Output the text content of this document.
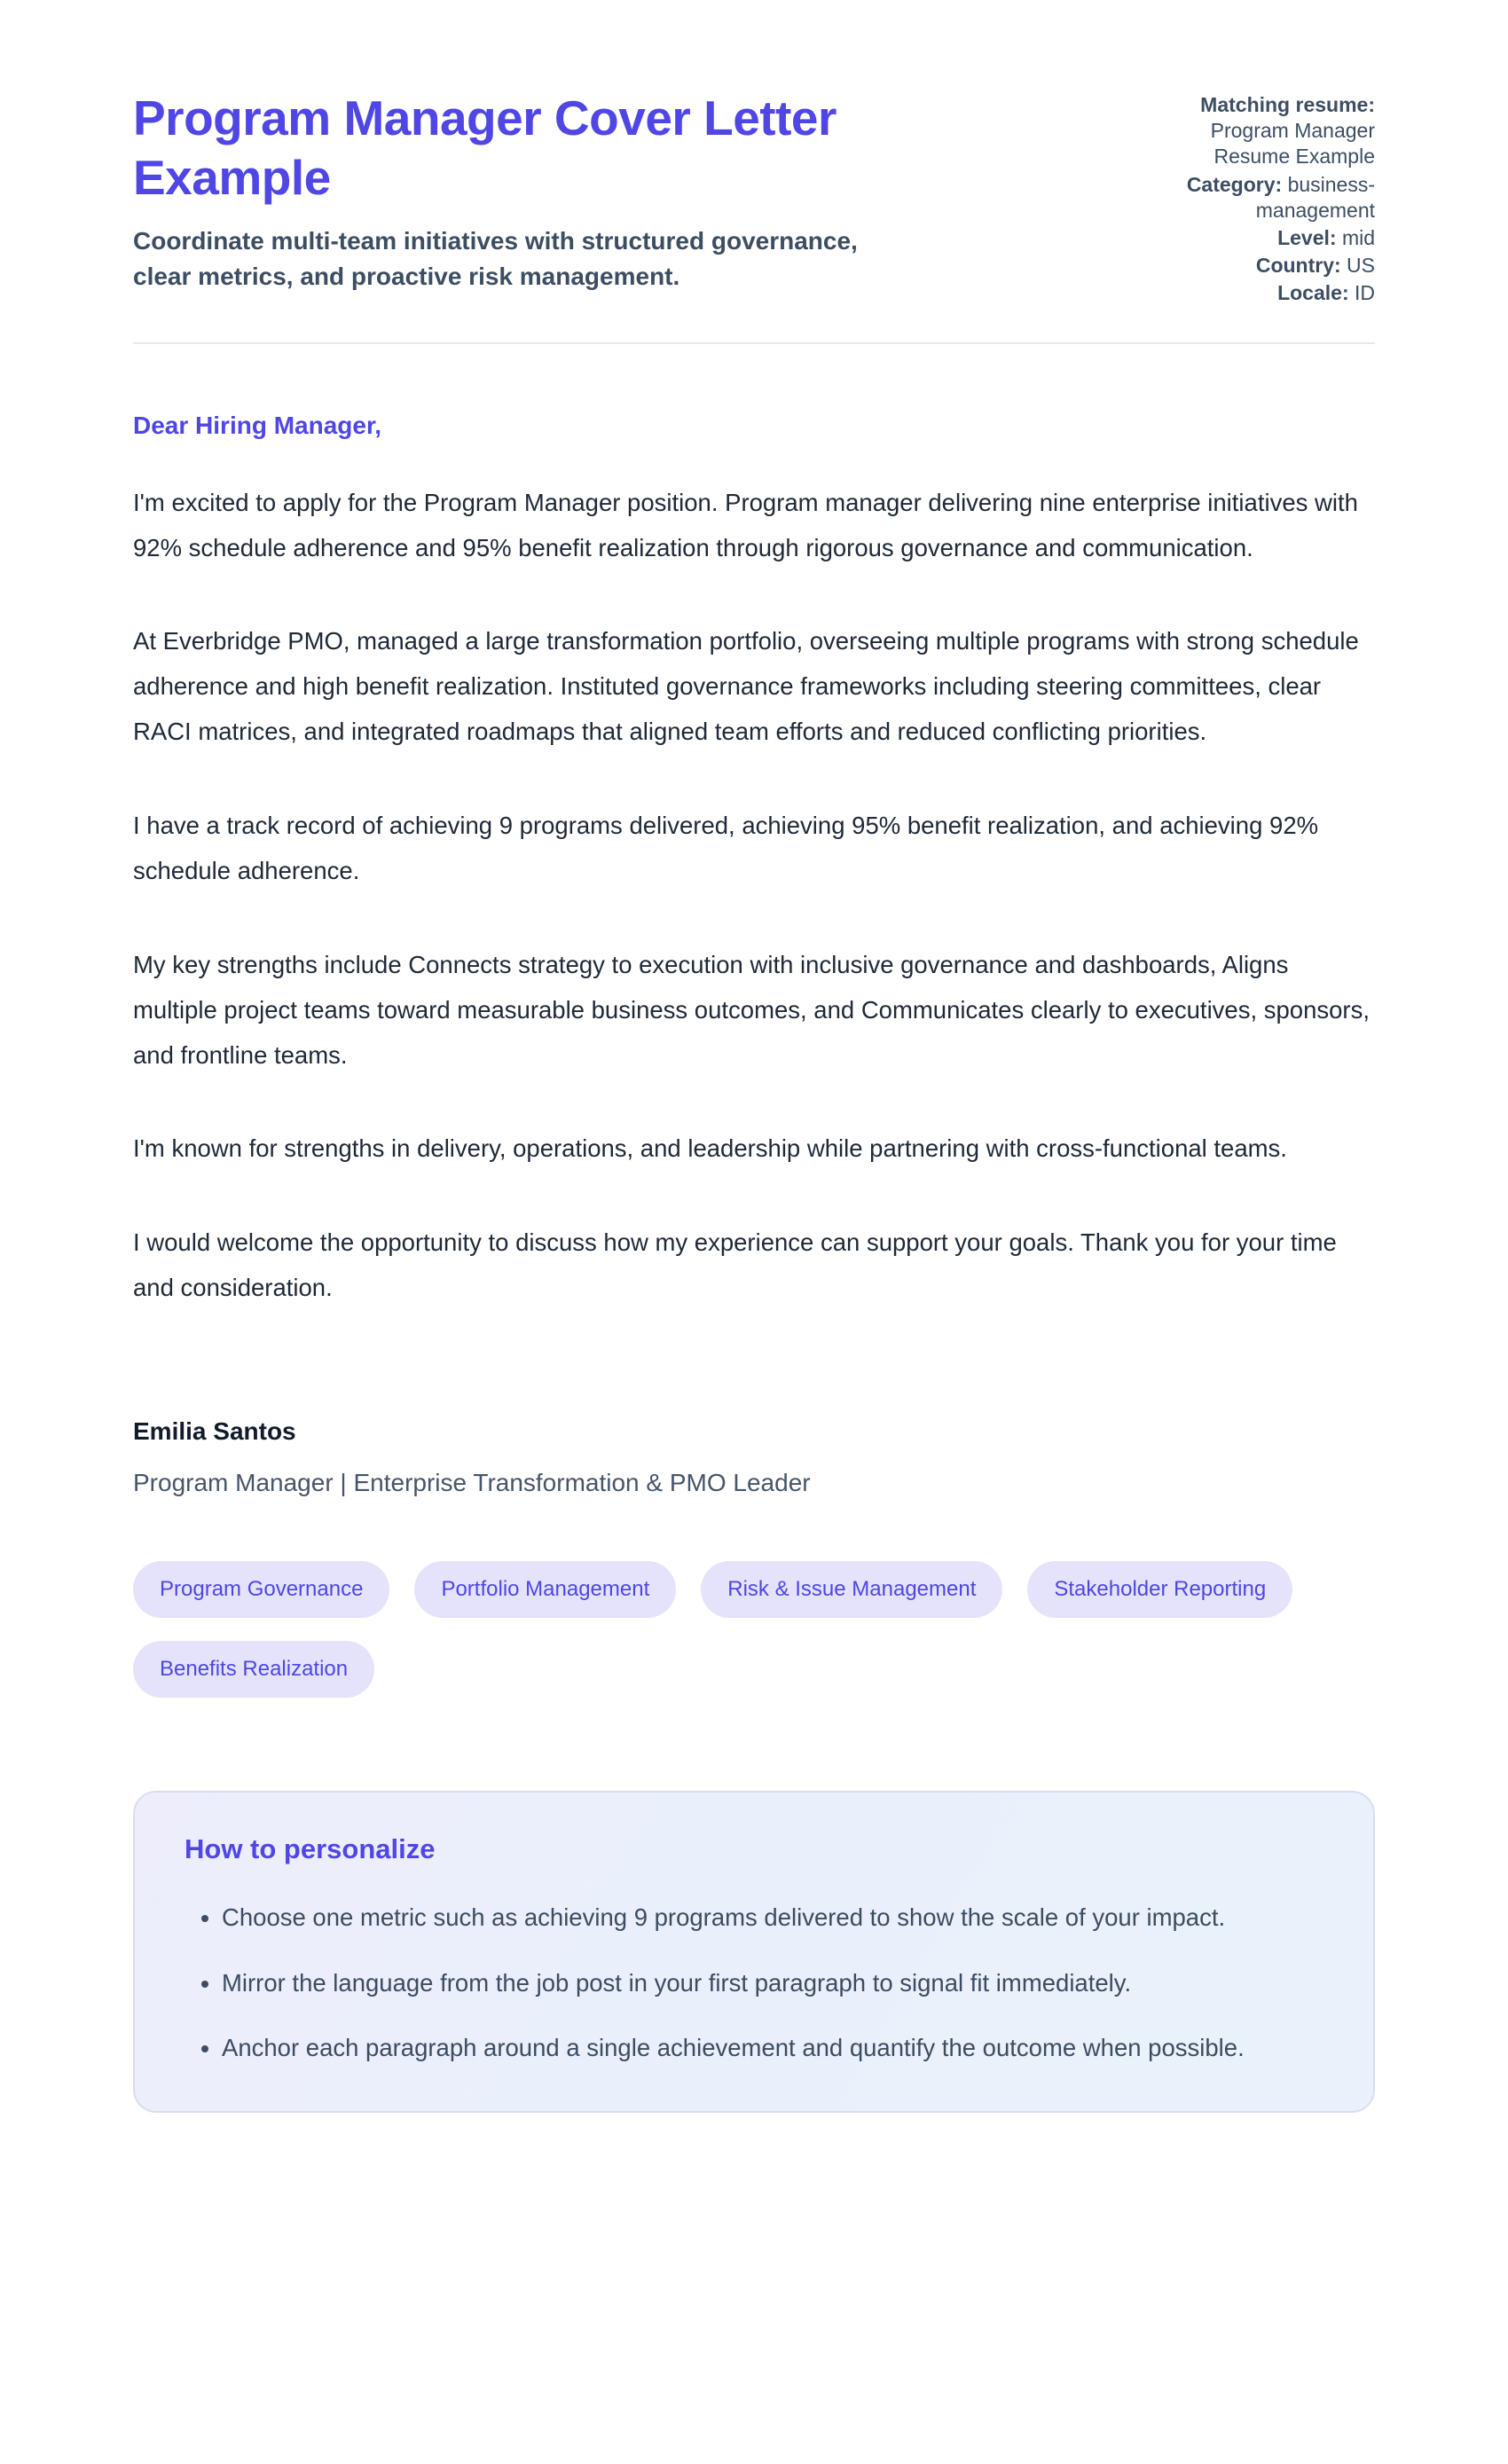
Program Manager Cover Letter Example
Coordinate multi-team initiatives with structured governance, clear metrics, and proactive risk management.
Matching resume: Program Manager Resume Example
Category: business-management
Level: mid
Country: US
Locale: ID
Dear Hiring Manager,

I'm excited to apply for the Program Manager position. Program manager delivering nine enterprise initiatives with 92% schedule adherence and 95% benefit realization through rigorous governance and communication.

At Everbridge PMO, managed a large transformation portfolio, overseeing multiple programs with strong schedule adherence and high benefit realization. Instituted governance frameworks including steering committees, clear RACI matrices, and integrated roadmaps that aligned team efforts and reduced conflicting priorities.

I have a track record of achieving 9 programs delivered, achieving 95% benefit realization, and achieving 92% schedule adherence.

My key strengths include Connects strategy to execution with inclusive governance and dashboards, Aligns multiple project teams toward measurable business outcomes, and Communicates clearly to executives, sponsors, and frontline teams.

I'm known for strengths in delivery, operations, and leadership while partnering with cross-functional teams.

I would welcome the opportunity to discuss how my experience can support your goals. Thank you for your time and consideration.

Emilia Santos
Program Manager | Enterprise Transformation & PMO Leader
Program Governance	Portfolio Management	Risk & Issue Management	Stakeholder Reporting
Benefits Realization
How to personalize
• Choose one metric such as achieving 9 programs delivered to show the scale of your impact.
• Mirror the language from the job post in your first paragraph to signal fit immediately.
• Anchor each paragraph around a single achievement and quantify the outcome when possible.
